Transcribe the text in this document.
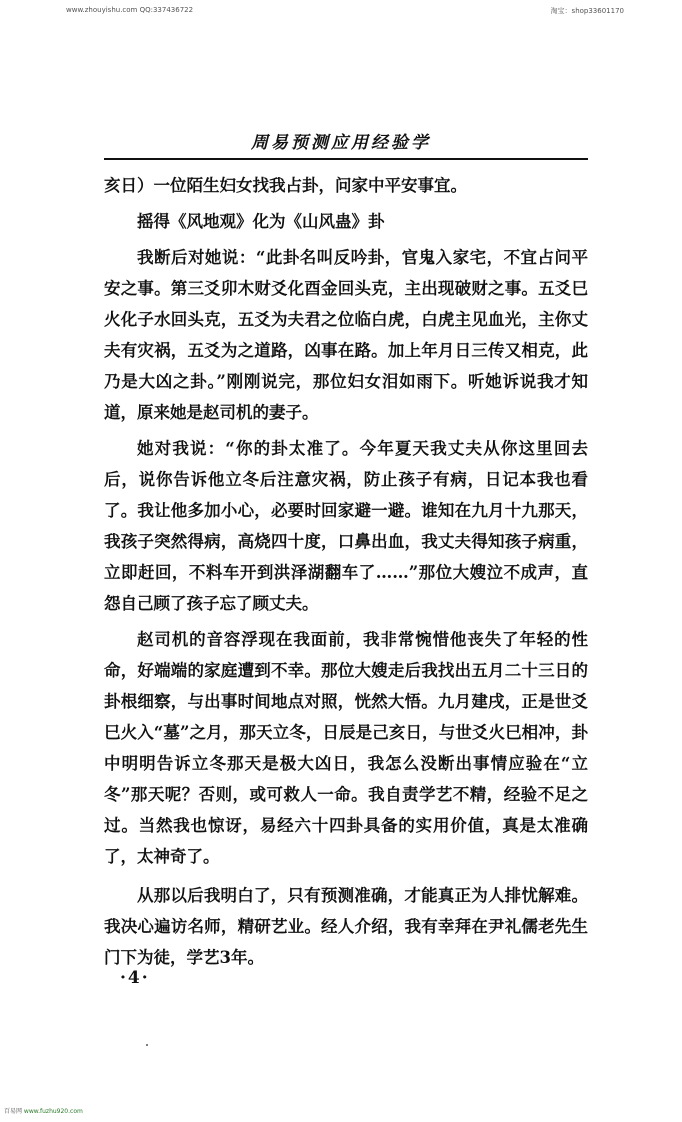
www.zhouyishu.com QQ:337436722	淘宝：shop33601170
周易预测应用经验学

亥日）一位陌生妇女找我占卦，问家中平安事宜。

摇得《风地观》化为《山风蛊》卦

我断后对她说：“此卦名叫反吟卦，官鬼入家宅，不宜占问平安之事。第三爻卯木财爻化酉金回头克，主出现破财之事。五爻巳火化子水回头克，五爻为夫君之位临白虎，白虎主见血光，主你丈夫有灾祸，五爻为之道路，凶事在路。加上年月日三传又相克，此乃是大凶之卦。”刚刚说完，那位妇女泪如雨下。听她诉说我才知道，原来她是赵司机的妻子。

她对我说：“你的卦太准了。今年夏天我丈夫从你这里回去后，说你告诉他立冬后注意灾祸，防止孩子有病，日记本我也看了。我让他多加小心，必要时回家避一避。谁知在九月十九那天，我孩子突然得病，高烧四十度，口鼻出血，我丈夫得知孩子病重，立即赶回，不料车开到洪泽湖翻车了……”那位大嫂泣不成声，直怨自己顾了孩子忘了顾丈夫。

赵司机的音容浮现在我面前，我非常惋惜他丧失了年轻的性命，好端端的家庭遭到不幸。那位大嫂走后我找出五月二十三日的卦根细察，与出事时间地点对照，恍然大悟。九月建戌，正是世爻巳火入“墓”之月，那天立冬，日辰是己亥日，与世爻火巳相冲，卦中明明告诉立冬那天是极大凶日，我怎么没断出事情应验在“立冬”那天呢？否则，或可救人一命。我自责学艺不精，经验不足之过。当然我也惊讶，易经六十四卦具备的实用价值，真是太准确了，太神奇了。

从那以后我明白了，只有预测准确，才能真正为人排忧解难。我决心遍访名师，精研艺业。经人介绍，我有幸拜在尹礼儒老先生门下为徒，学艺3年。

·4·
百易网 www.fuzhu920.com
